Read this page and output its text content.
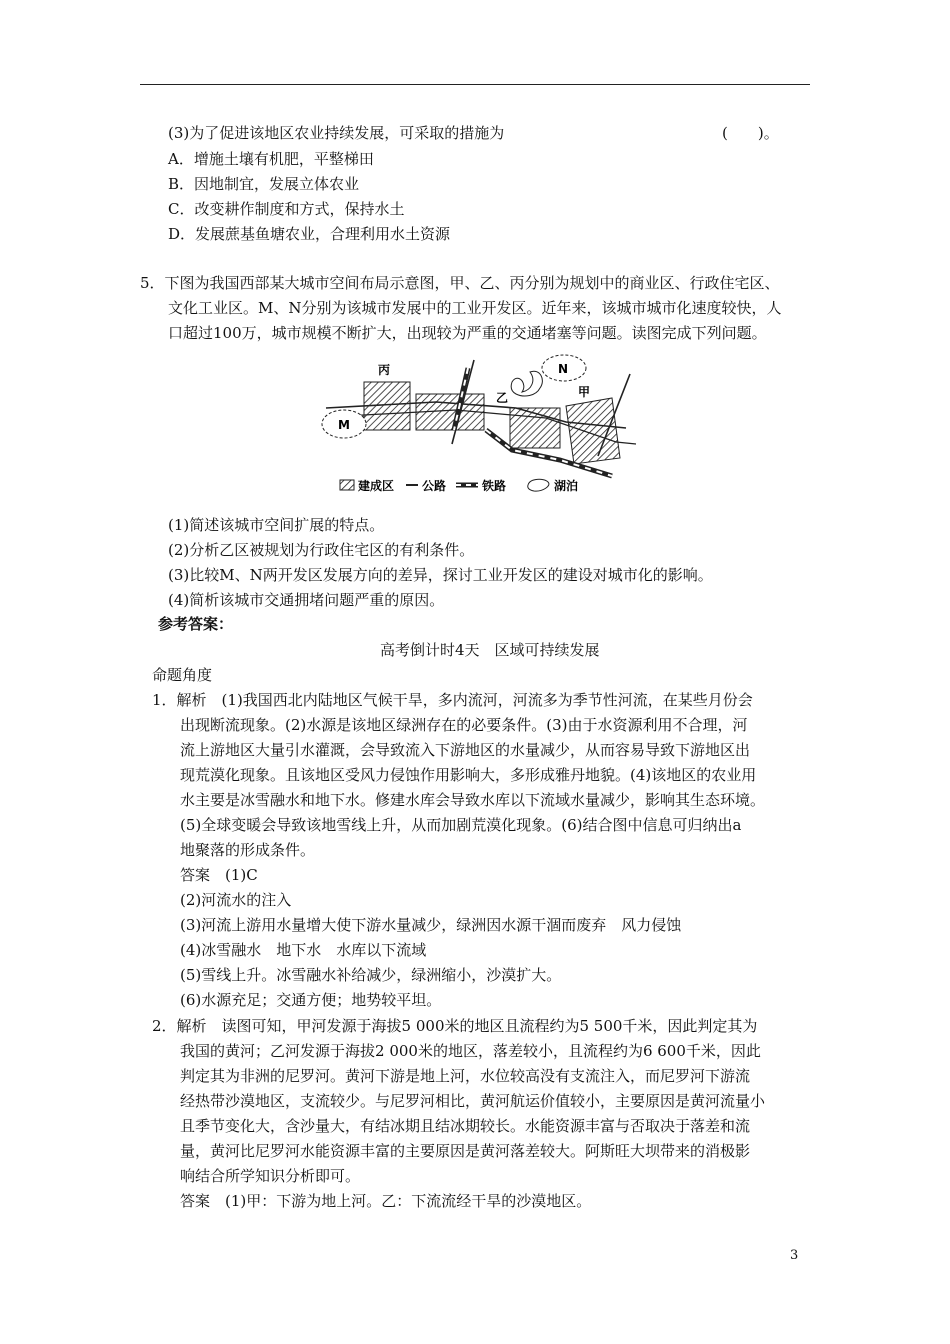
(3)为了促进该地区农业持续发展，可采取的措施为	(　　)。
A．增施土壤有机肥，平整梯田
B．因地制宜，发展立体农业
C．改变耕作制度和方式，保持水土
D．发展蔗基鱼塘农业，合理利用水土资源
5．下图为我国西部某大城市空间布局示意图，甲、乙、丙分别为规划中的商业区、行政住宅区、
文化工业区。M、N分别为该城市发展中的工业开发区。近年来，该城市城市化速度较快，人
口超过100万，城市规模不断扩大，出现较为严重的交通堵塞等问题。读图完成下列问题。
丙
乙	甲
M
N
建成区 公路	铁路	湖泊
(1)简述该城市空间扩展的特点。
(2)分析乙区被规划为行政住宅区的有利条件。
(3)比较M、N两开发区发展方向的差异，探讨工业开发区的建设对城市化的影响。
(4)简析该城市交通拥堵问题严重的原因。
参考答案：
高考倒计时4天　区域可持续发展
命题角度
1．解析　(1)我国西北内陆地区气候干旱，多内流河，河流多为季节性河流，在某些月份会
出现断流现象。(2)水源是该地区绿洲存在的必要条件。(3)由于水资源利用不合理，河
流上游地区大量引水灌溉，会导致流入下游地区的水量减少，从而容易导致下游地区出
现荒漠化现象。且该地区受风力侵蚀作用影响大，多形成雅丹地貌。(4)该地区的农业用
水主要是冰雪融水和地下水。修建水库会导致水库以下流域水量减少，影响其生态环境。
(5)全球变暖会导致该地雪线上升，从而加剧荒漠化现象。(6)结合图中信息可归纳出a
地聚落的形成条件。
答案　(1)C
(2)河流水的注入
(3)河流上游用水量增大使下游水量减少，绿洲因水源干涸而废弃　风力侵蚀
(4)冰雪融水　地下水　水库以下流域
(5)雪线上升。冰雪融水补给减少，绿洲缩小，沙漠扩大。
(6)水源充足；交通方便；地势较平坦。
2．解析　读图可知，甲河发源于海拔5 000米的地区且流程约为5 500千米，因此判定其为
我国的黄河；乙河发源于海拔2 000米的地区，落差较小，且流程约为6 600千米，因此
判定其为非洲的尼罗河。黄河下游是地上河，水位较高没有支流注入，而尼罗河下游流
经热带沙漠地区，支流较少。与尼罗河相比，黄河航运价值较小，主要原因是黄河流量小
且季节变化大，含沙量大，有结冰期且结冰期较长。水能资源丰富与否取决于落差和流
量，黄河比尼罗河水能资源丰富的主要原因是黄河落差较大。阿斯旺大坝带来的消极影
响结合所学知识分析即可。
答案　(1)甲：下游为地上河。乙：下流流经干旱的沙漠地区。
3
